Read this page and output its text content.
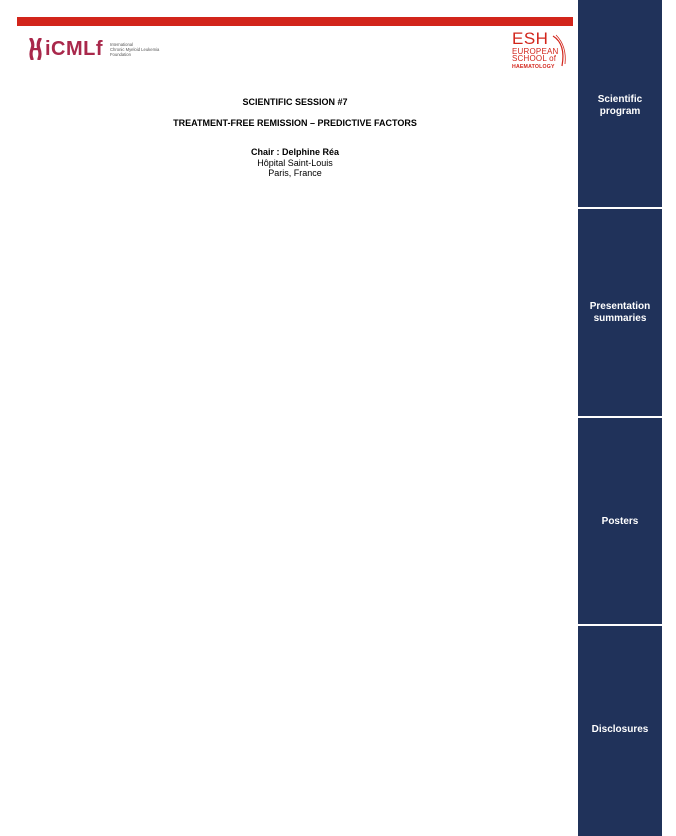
iCMLf International
Chronic Myeloid Leukemia
Foundation
ESH
EUROPEAN
SCHOOL of
HAEMATOLOGY
SCIENTIFIC SESSION #7
TREATMENT-FREE REMISSION – PREDICTIVE FACTORS
Chair : Delphine Réa
Hôpital Saint-Louis
Paris, France
Scientific
program
Presentation
summaries
Posters
Disclosures
